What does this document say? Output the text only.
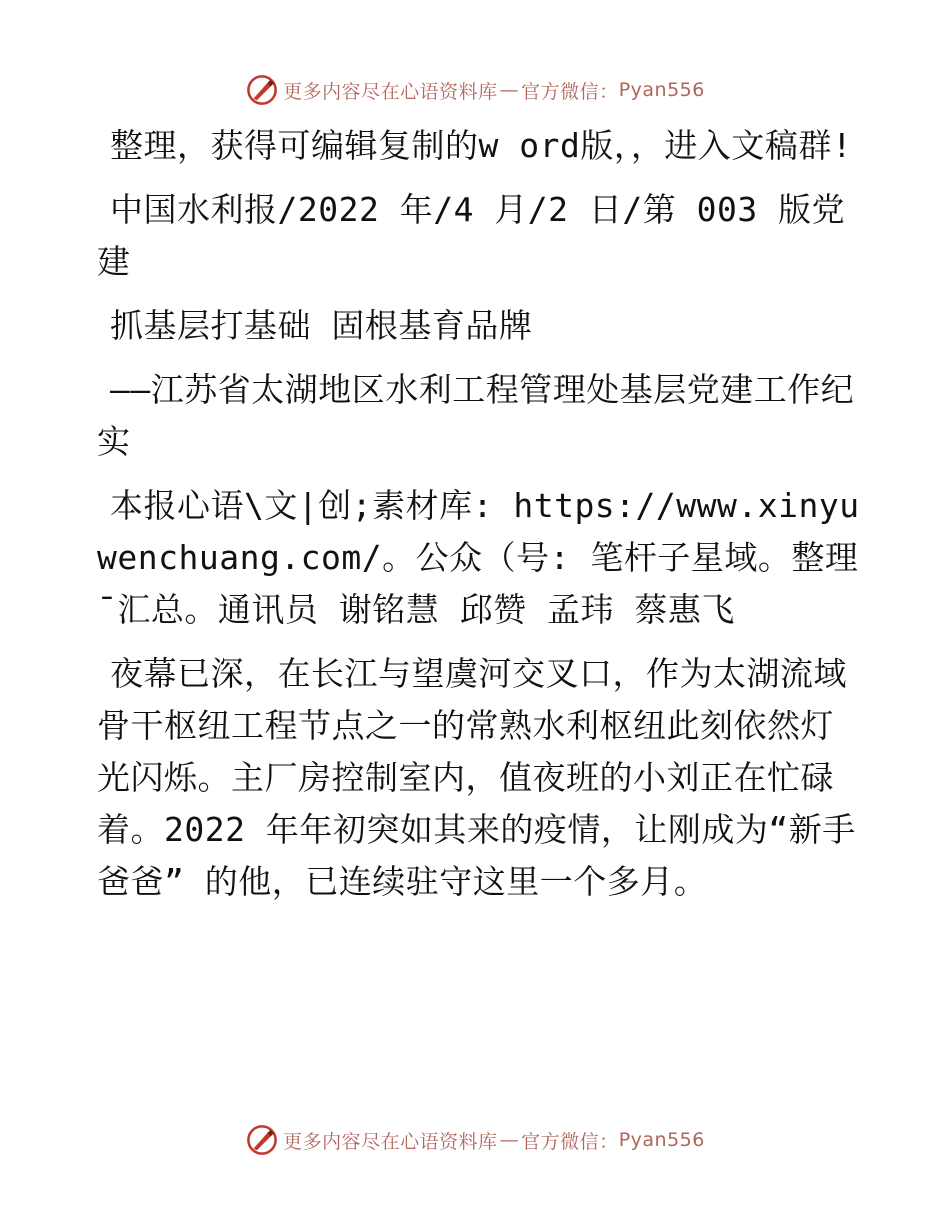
更多内容尽在心语资料库 — 官方微信： Pyan556

整理，获得可编辑复制的w ord版，，进入文稿群!

中国水利报/2022 年/4 月/2 日/第 003 版党建

抓基层打基础 固根基育品牌

——江苏省太湖地区水利工程管理处基层党建工作纪实

本报心语\文|创;素材库: https://www.xinyuwenchuang.com/。公众（号: 笔杆子星域。整理¯汇总。通讯员 谢铭慧 邱赞 孟玮 蔡惠飞

夜幕已深，在长江与望虞河交叉口，作为太湖流域骨干枢纽工程节点之一的常熟水利枢纽此刻依然灯光闪烁。主厂房控制室内，值夜班的小刘正在忙碌着。2022 年年初突如其来的疫情，让刚成为“新手爸爸” 的他，已连续驻守这里一个多月。

更多内容尽在心语资料库 — 官方微信： Pyan556
